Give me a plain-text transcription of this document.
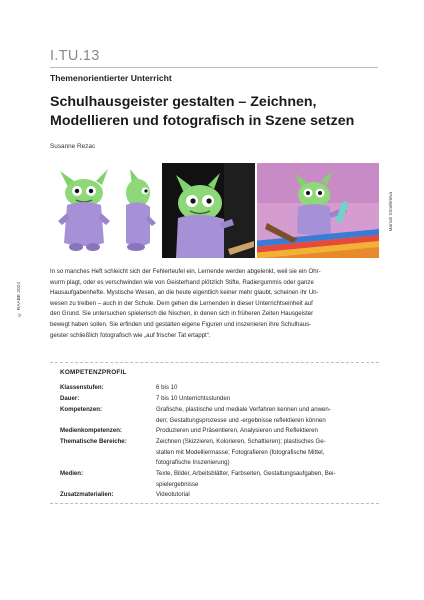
I.TU.13
Themenorientierter Unterricht
Schulhausgeister gestalten – Zeichnen,
Modellieren und fotografisch in Szene setzen
Susanne Rezac
Marrah Stroebrieva
© RAABE 2024

In so manches Heft schleicht sich der Fehlerteufel ein, Lernende werden abgelenkt, weil sie ein Ohr-
wurm plagt, oder es verschwinden wie von Geisterhand plötzlich Stifte, Radiergummis oder ganze
Hausaufgabenhefte. Mystische Wesen, an die heute eigentlich keiner mehr glaubt, scheinen ihr Un-
wesen zu treiben – auch in der Schule. Dem gehen die Lernenden in dieser Unterrichtseinheit auf
den Grund. Sie untersuchen spielerisch die Nischen, in denen sich in früheren Zeiten Hausgeister
bewegt haben sollen. Sie erfinden und gestalten eigene Figuren und inszenieren ihre Schulhaus-
geister schließlich fotografisch wie „auf frischer Tat ertappt“.

KOMPETENZPROFIL
Klassenstufen:	6 bis 10
Dauer:	7 bis 10 Unterrichtsstunden
Kompetenzen:	Grafische, plastische und mediale Verfahren kennen und anwen-
den; Gestaltungsprozesse und -ergebnisse reflektieren können
Medienkompetenzen:	Produzieren und Präsentieren, Analysieren und Reflektieren
Thematische Bereiche:	Zeichnen (Skizzieren, Kolorieren, Schattieren); plastisches Ge-
stalten mit Modelliermasse; Fotografieren (fotografische Mittel,
fotografische Inszenierung)
Medien:	Texte, Bilder, Arbeitsblätter, Farbseiten, Gestaltungsaufgaben, Bei-
spielergebnisse
Zusatzmaterialien:	Videotutorial
